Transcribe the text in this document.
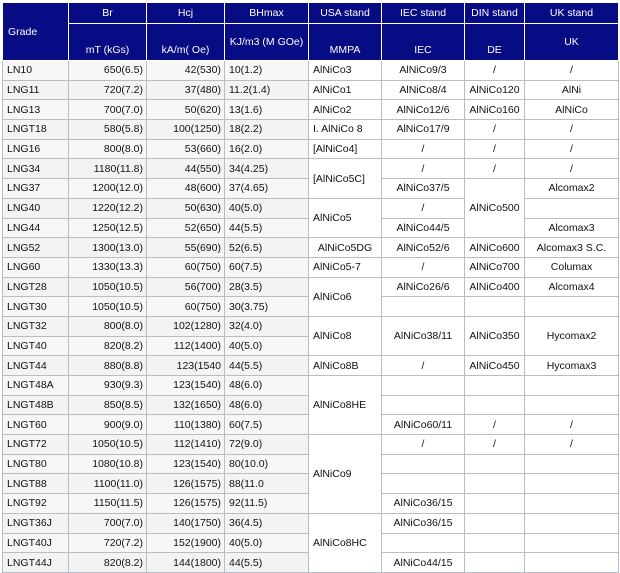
Grade	Br	Hcj	BHmax	USA stand	IEC stand	DIN stand	UK stand
	mT (kGs)	kA/m( Oe)	KJ/m3 (M GOe)	MMPA	IEC	DE	UK
LN10	650(6.5)	42(530)	10(1.2)	AlNiCo3	AlNiCo9/3	/	/
LNG11	720(7.2)	37(480)	11.2(1.4)	AlNiCo1	AlNiCo8/4	AlNiCo120	AlNi
LNG13	700(7.0)	50(620)	13(1.6)	AlNiCo2	AlNiCo12/6	AlNiCo160	AlNiCo
LNGT18	580(5.8)	100(1250)	18(2.2)	I. AlNiCo 8	AlNiCo17/9	/	/
LNG16	800(8.0)	53(660)	16(2.0)	[AlNiCo4]	/	/	/
LNG34	1180(11.8)	44(550)	34(4.25)	[AlNiCo5C]	/	/	/
LNG37	1200(12.0)	48(600)	37(4.65)		AlNiCo37/5	AlNiCo500	Alcomax2
LNG40	1220(12.2)	50(630)	40(5.0)	AlNiCo5	/		
LNG44	1250(12.5)	52(650)	44(5.5)		AlNiCo44/5		Alcomax3
LNG52	1300(13.0)	55(690)	52(6.5)	AlNiCo5DG	AlNiCo52/6	AlNiCo600	Alcomax3 S.C.
LNG60	1330(13.3)	60(750)	60(7.5)	AlNiCo5-7	/	AlNiCo700	Columax
LNGT28	1050(10.5)	56(700)	28(3.5)	AlNiCo6	AlNiCo26/6	AlNiCo400	Alcomax4
LNGT30	1050(10.5)	60(750)	30(3.75)				
LNGT32	800(8.0)	102(1280)	32(4.0)	AlNiCo8	AlNiCo38/11	AlNiCo350	Hycomax2
LNGT40	820(8.2)	112(1400)	40(5.0)				
LNGT44	880(8.8)	123(1540	44(5.5)	AlNiCo8B	/	AlNiCo450	Hycomax3
LNGT48A	930(9.3)	123(1540)	48(6.0)	AlNiCo8HE			
LNGT48B	850(8.5)	132(1650)	48(6.0)				
LNGT60	900(9.0)	110(1380)	60(7.5)		AlNiCo60/11	/	/
LNGT72	1050(10.5)	112(1410)	72(9.0)	AlNiCo9	/	/	/
LNGT80	1080(10.8)	123(1540)	80(10.0)				
LNGT88	1100(11.0)	126(1575)	88(11.0				
LNGT92	1150(11.5)	126(1575)	92(11.5)		AlNiCo36/15		
LNGT36J	700(7.0)	140(1750)	36(4.5)	AlNiCo8HC	AlNiCo36/15		
LNGT40J	720(7.2)	152(1900)	40(5.0)				
LNGT44J	820(8.2)	144(1800)	44(5.5)		AlNiCo44/15		
